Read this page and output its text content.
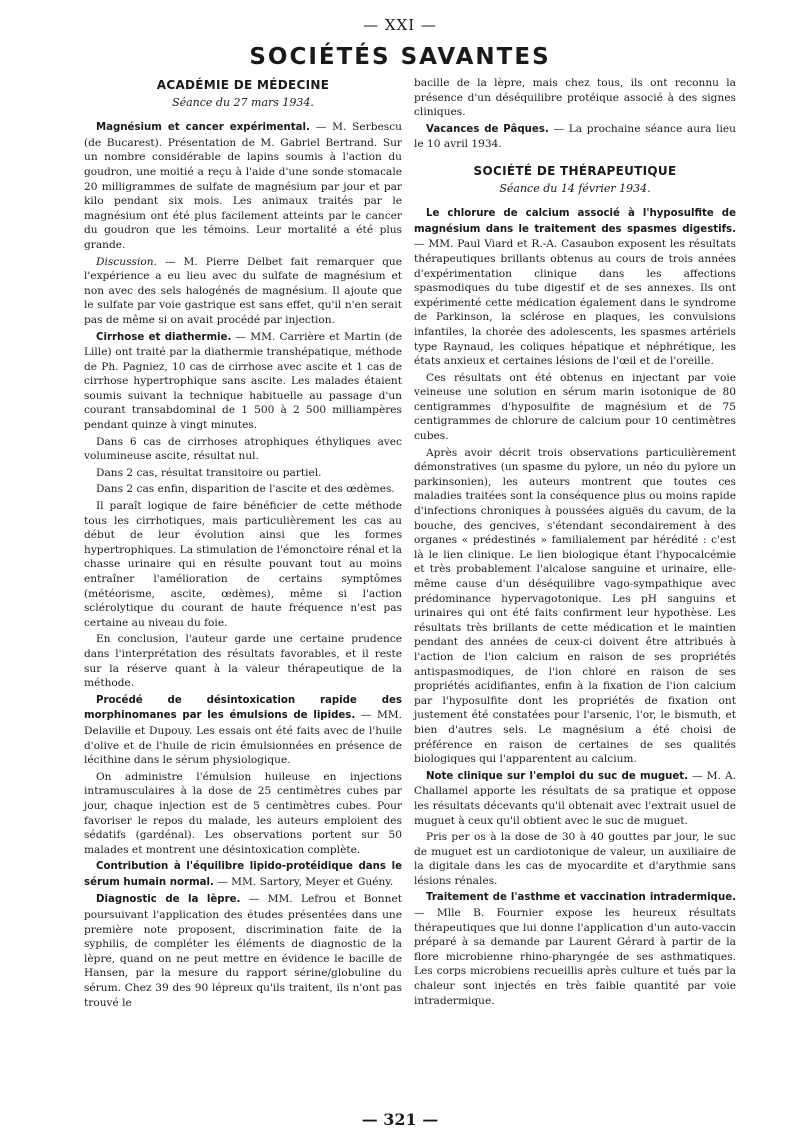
— XXI —
SOCIÉTÉS SAVANTES
ACADÉMIE DE MÉDECINE
Séance du 27 mars 1934.

Magnésium et cancer expérimental. — M. Serbescu (de Bucarest). Présentation de M. Gabriel Bertrand. Sur un nombre considérable de lapins soumis à l'action du goudron, une moitié a reçu à l'aide d'une sonde stomacale 20 milligrammes de sulfate de magnésium par jour et par kilo pendant six mois. Les animaux traités par le magnésium ont été plus facilement atteints par le cancer du goudron que les témoins. Leur mortalité a été plus grande.

Discussion. — M. Pierre Delbet fait remarquer que l'expérience a eu lieu avec du sulfate de magnésium et non avec des sels halogénés de magnésium. Il ajoute que le sulfate par voie gastrique est sans effet, qu'il n'en serait pas de même si on avait procédé par injection.

Cirrhose et diathermie. — MM. Carrière et Martin (de Lille) ont traité par la diathermie transhépatique, méthode de Ph. Pagniez, 10 cas de cirrhose avec ascite et 1 cas de cirrhose hypertrophique sans ascite. Les malades étaient soumis suivant la technique habituelle au passage d'un courant transabdominal de 1 500 à 2 500 milliampères pendant quinze à vingt minutes.

Dans 6 cas de cirrhoses atrophiques éthyliques avec volumineuse ascite, résultat nul.

Dans 2 cas, résultat transitoire ou partiel.

Dans 2 cas enfin, disparition de l'ascite et des œdèmes.

Il paraît logique de faire bénéficier de cette méthode tous les cirrhotiques, mais particulièrement les cas au début de leur évolution ainsi que les formes hypertrophiques. La stimulation de l'émonctoire rénal et la chasse urinaire qui en résulte pouvant tout au moins entraîner l'amélioration de certains symptômes (météorisme, ascite, œdèmes), même si l'action sclérolytique du courant de haute fréquence n'est pas certaine au niveau du foie.

En conclusion, l'auteur garde une certaine prudence dans l'interprétation des résultats favorables, et il reste sur la réserve quant à la valeur thérapeutique de la méthode.

Procédé de désintoxication rapide des morphinomanes par les émulsions de lipides. — MM. Delaville et Dupouy. Les essais ont été faits avec de l'huile d'olive et de l'huile de ricin émulsionnées en présence de lécithine dans le sérum physiologique.

On administre l'émulsion huileuse en injections intramusculaires à la dose de 25 centimètres cubes par jour, chaque injection est de 5 centimètres cubes. Pour favoriser le repos du malade, les auteurs emploient des sédatifs (gardénal). Les observations portent sur 50 malades et montrent une désintoxication complète.

Contribution à l'équilibre lipido-protéidique dans le sérum humain normal. — MM. Sartory, Meyer et Guény.

Diagnostic de la lèpre. — MM. Lefrou et Bonnet poursuivant l'application des études présentées dans une première note proposent, discrimination faite de la syphilis, de compléter les éléments de diagnostic de la lèpre, quand on ne peut mettre en évidence le bacille de Hansen, par la mesure du rapport sérine/globuline du sérum. Chez 39 des 90 lépreux qu'ils traitent, ils n'ont pas trouvé le

bacille de la lèpre, mais chez tous, ils ont reconnu la présence d'un déséquilibre protéique associé à des signes cliniques.

Vacances de Pâques. — La prochaine séance aura lieu le 10 avril 1934.

SOCIÉTÉ DE THÉRAPEUTIQUE
Séance du 14 février 1934.

Le chlorure de calcium associé à l'hyposulfite de magnésium dans le traitement des spasmes digestifs. — MM. Paul Viard et R.-A. Casaubon exposent les résultats thérapeutiques brillants obtenus au cours de trois années d'expérimentation clinique dans les affections spasmodiques du tube digestif et de ses annexes. Ils ont expérimenté cette médication également dans le syndrome de Parkinson, la sclérose en plaques, les convulsions infantiles, la chorée des adolescents, les spasmes artériels type Raynaud, les coliques hépatique et néphrétique, les états anxieux et certaines lésions de l'œil et de l'oreille.

Ces résultats ont été obtenus en injectant par voie veineuse une solution en sérum marin isotonique de 80 centigrammes d'hyposulfite de magnésium et de 75 centigrammes de chlorure de calcium pour 10 centimètres cubes.

Après avoir décrit trois observations particulièrement démonstratives (un spasme du pylore, un néo du pylore un parkinsonien), les auteurs montrent que toutes ces maladies traitées sont la conséquence plus ou moins rapide d'infections chroniques à poussées aiguës du cavum, de la bouche, des gencives, s'étendant secondairement à des organes « prédestinés » familialement par hérédité : c'est là le lien clinique. Le lien biologique étant l'hypocalcémie et très probablement l'alcalose sanguine et urinaire, elle-même cause d'un déséquilibre vago-sympathique avec prédominance hypervagotonique. Les pH sanguins et urinaires qui ont été faits confirment leur hypothèse. Les résultats très brillants de cette médication et le maintien pendant des années de ceux-ci doivent être attribués à l'action de l'ion calcium en raison de ses propriétés antispasmodiques, de l'ion chlore en raison de ses propriétés acidifiantes, enfin à la fixation de l'ion calcium par l'hyposulfite dont les propriétés de fixation ont justement été constatées pour l'arsenic, l'or, le bismuth, et bien d'autres sels. Le magnésium a été choisi de préférence en raison de certaines de ses qualités biologiques qui l'apparentent au calcium.

Note clinique sur l'emploi du suc de muguet. — M. A. Challamel apporte les résultats de sa pratique et oppose les résultats décevants qu'il obtenait avec l'extrait usuel de muguet à ceux qu'il obtient avec le suc de muguet.

Pris per os à la dose de 30 à 40 gouttes par jour, le suc de muguet est un cardiotonique de valeur, un auxiliaire de la digitale dans les cas de myocardite et d'arythmie sans lésions rénales.

Traitement de l'asthme et vaccination intradermique. — Mlle B. Fournier expose les heureux résultats thérapeutiques que lui donne l'application d'un auto-vaccin préparé à sa demande par Laurent Gérard à partir de la flore microbienne rhino-pharyngée de ses asthmatiques. Les corps microbiens recueillis après culture et tués par la chaleur sont injectés en très faible quantité par voie intradermique.

— 321 —
